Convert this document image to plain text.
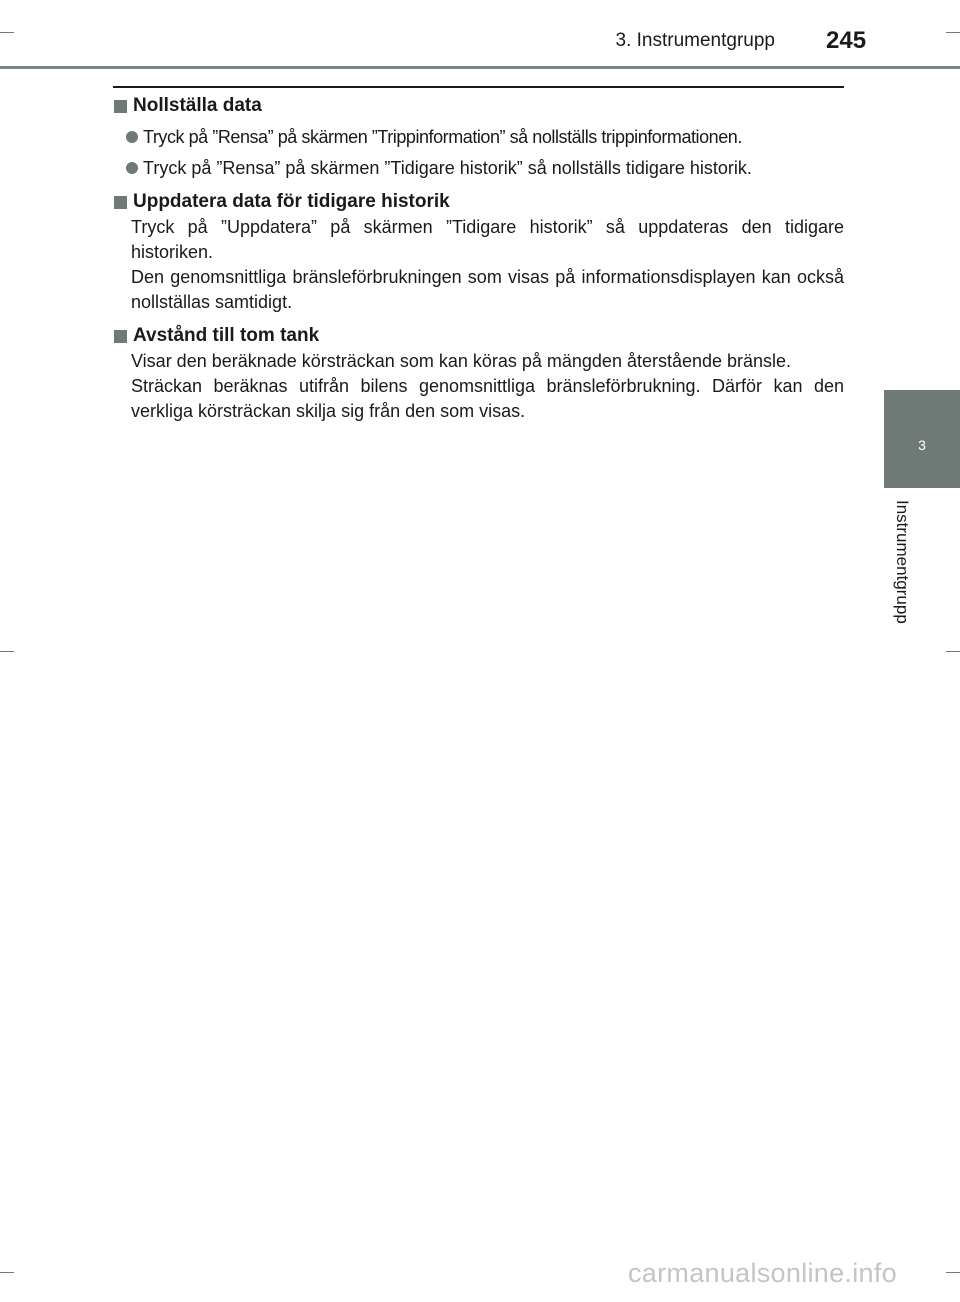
3. Instrumentgrupp 245
3
Instrumentgrupp
Nollställa data
Tryck på ”Rensa” på skärmen ”Trippinformation” så nollställs trippinformationen.
Tryck på ”Rensa” på skärmen ”Tidigare historik” så nollställs tidigare historik.
Uppdatera data för tidigare historik
Tryck på ”Uppdatera” på skärmen ”Tidigare historik” så uppdateras den tidigare historiken.
Den genomsnittliga bränsleförbrukningen som visas på informationsdisplayen kan också nollställas samtidigt.
Avstånd till tom tank
Visar den beräknade körsträckan som kan köras på mängden återstående bränsle.
Sträckan beräknas utifrån bilens genomsnittliga bränsleförbrukning. Därför kan den verkliga körsträckan skilja sig från den som visas.
carmanualsonline.info
